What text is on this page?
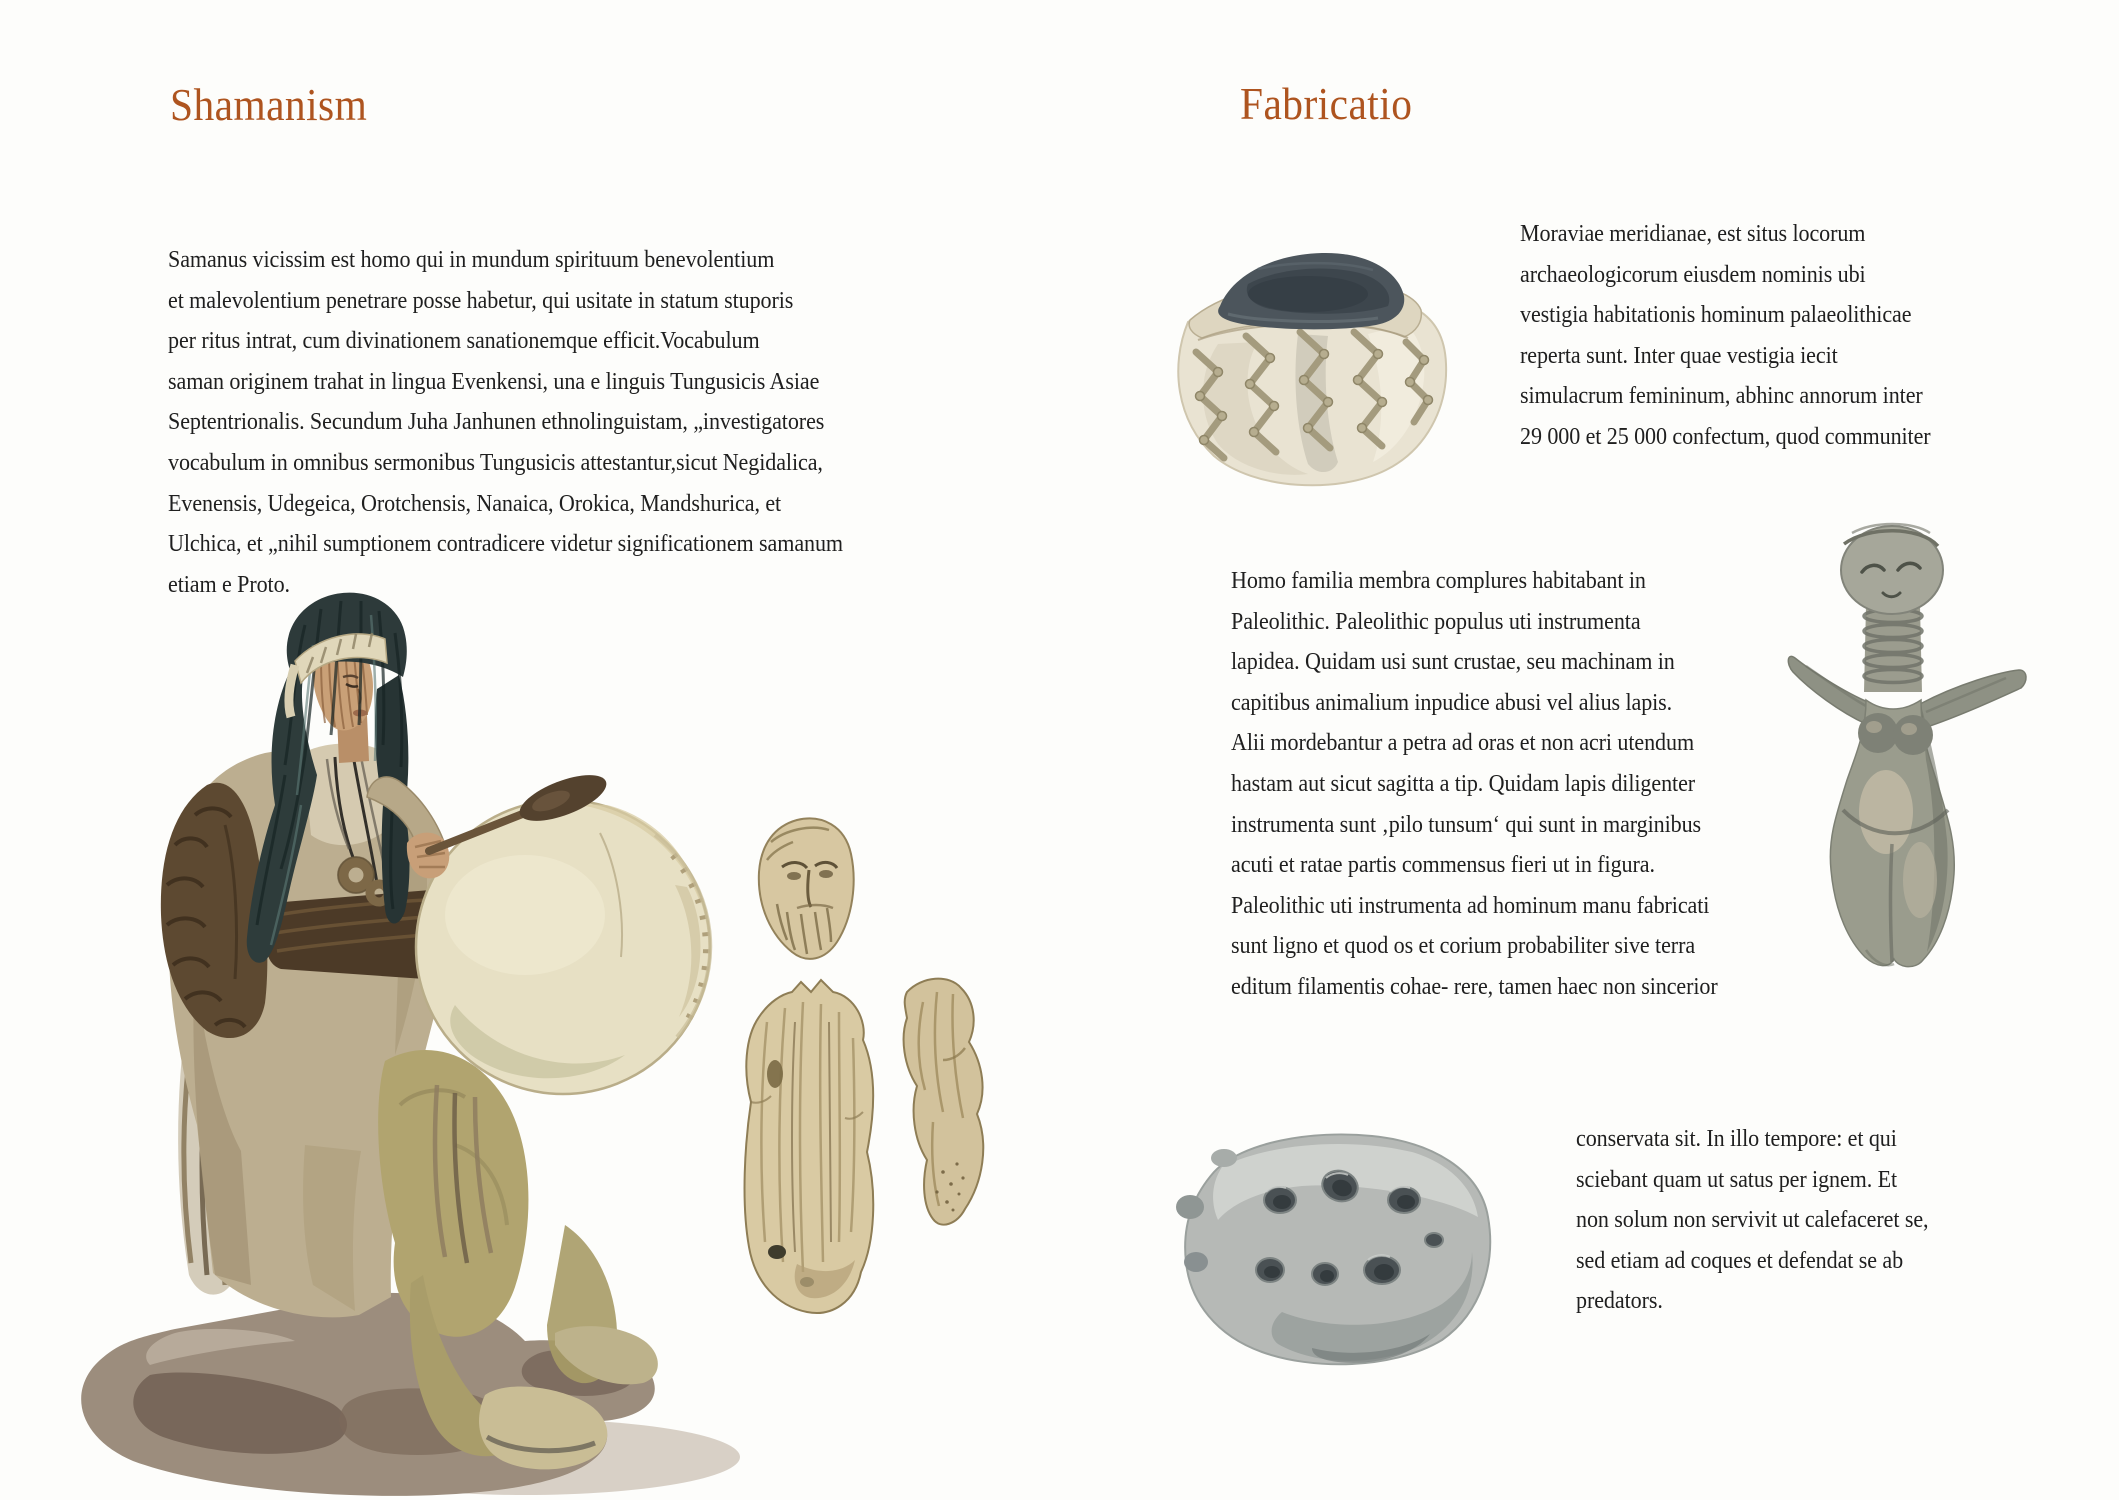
Shamanism
Samanus vicissim est homo qui in mundum spirituum benevolentium
et malevolentium penetrare posse habetur, qui usitate in statum stuporis
per ritus intrat, cum divinationem sanationemque efficit.Vocabulum
saman originem trahat in lingua Evenkensi, una e linguis Tungusicis Asiae
Septentrionalis. Secundum Juha Janhunen ethnolinguistam, „investigatores
vocabulum in omnibus sermonibus Tungusicis attestantur,sicut Negidalica,
Evenensis, Udegeica, Orotchensis, Nanaica, Orokica, Mandshurica, et
Ulchica, et „nihil sumptionem contradicere videtur significationem samanum
etiam e Proto.
Fabricatio
Moraviae meridianae, est situs locorum
archaeologicorum eiusdem nominis ubi
vestigia habitationis hominum palaeolithicae
reperta sunt. Inter quae vestigia iecit
simulacrum femininum, abhinc annorum inter
29 000 et 25 000 confectum, quod communiter
Homo familia membra complures habitabant in
Paleolithic. Paleolithic populus uti instrumenta
lapidea. Quidam usi sunt crustae, seu machinam in
capitibus animalium inpudice abusi vel alius lapis.
Alii mordebantur a petra ad oras et non acri utendum
hastam aut sicut sagitta a tip. Quidam lapis diligenter
instrumenta sunt ‚pilo tunsumʻ qui sunt in marginibus
acuti et ratae partis commensus fieri ut in figura.
Paleolithic uti instrumenta ad hominum manu fabricati
sunt ligno et quod os et corium probabiliter sive terra
editum filamentis cohae- rere, tamen haec non sincerior
conservata sit. In illo tempore: et qui
sciebant quam ut satus per ignem. Et
non solum non servivit ut calefaceret se,
sed etiam ad coques et defendat se ab
predators.
